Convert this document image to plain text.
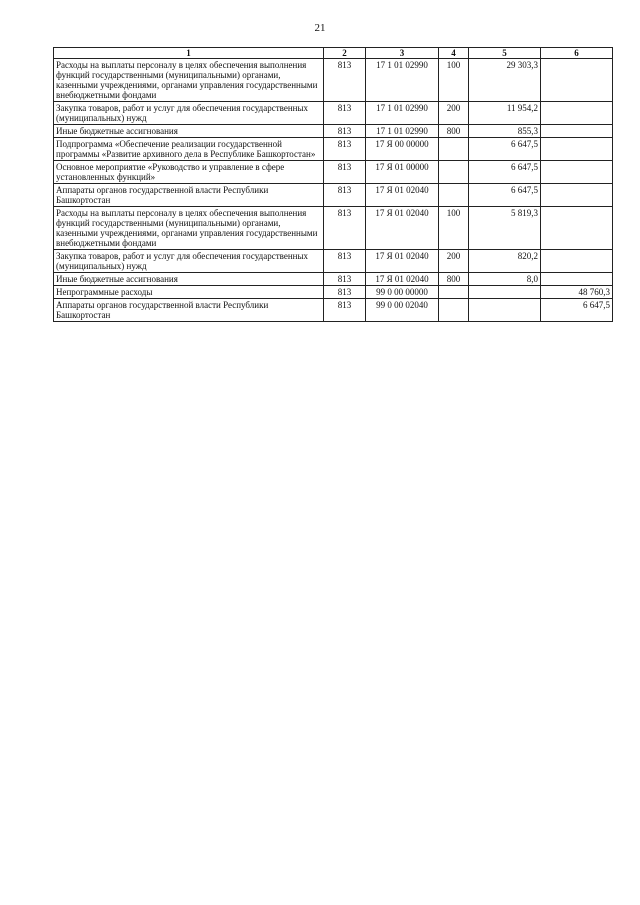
21
1	2	3	4	5	6
Расходы на выплаты персоналу в целях обеспечения выполнения функций государственными (муниципальными) органами, казенными учреждениями, органами управления государственными внебюджетными фондами	813	17 1 01 02990	100	29 303,3	
Закупка товаров, работ и услуг для обеспечения государственных (муниципальных) нужд	813	17 1 01 02990	200	11 954,2	
Иные бюджетные ассигнования	813	17 1 01 02990	800	855,3	
Подпрограмма «Обеспечение реализации государственной программы «Развитие архивного дела в Республике Башкортостан»	813	17 Я 00 00000		6 647,5	
Основное мероприятие «Руководство и управление в сфере установленных функций»	813	17 Я 01 00000		6 647,5	
Аппараты органов государственной власти Республики Башкортостан	813	17 Я 01 02040		6 647,5	
Расходы на выплаты персоналу в целях обеспечения выполнения функций государственными (муниципальными) органами, казенными учреждениями, органами управления государственными внебюджетными фондами	813	17 Я 01 02040	100	5 819,3	
Закупка товаров, работ и услуг для обеспечения государственных (муниципальных) нужд	813	17 Я 01 02040	200	820,2	
Иные бюджетные ассигнования	813	17 Я 01 02040	800	8,0	
Непрограммные расходы	813	99 0 00 00000			48 760,3
Аппараты органов государственной власти Республики Башкортостан	813	99 0 00 02040			6 647,5
